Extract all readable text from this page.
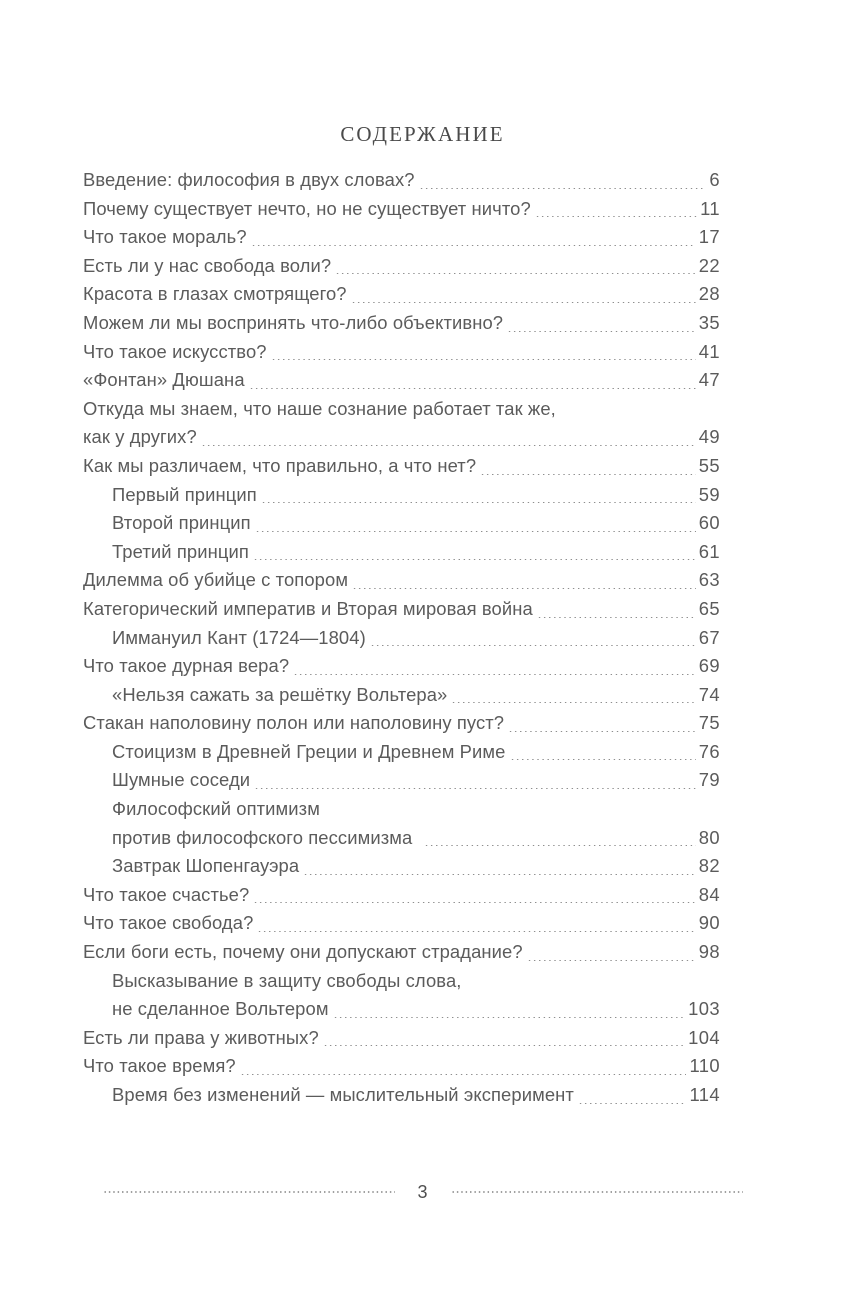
СОДЕРЖАНИЕ
Введение: философия в двух словах?	6
Почему существует нечто, но не существует ничто?	11
Что такое мораль?	17
Есть ли у нас свобода воли?	22
Красота в глазах смотрящего?	28
Можем ли мы воспринять что-либо объективно?	35
Что такое искусство?	41
«Фонтан» Дюшана	47
Откуда мы знаем, что наше сознание работает так же,
как у других?	49
Как мы различаем, что правильно, а что нет?	55
Первый принцип	59
Второй принцип	60
Третий принцип	61
Дилемма об убийце с топором	63
Категорический императив и Вторая мировая война	65
Иммануил Кант (1724—1804)	67
Что такое дурная вера?	69
«Нельзя сажать за решётку Вольтера»	74
Стакан наполовину полон или наполовину пуст?	75
Стоицизм в Древней Греции и Древнем Риме	76
Шумные соседи	79
Философский оптимизм
против философского пессимизма	80
Завтрак Шопенгауэра	82
Что такое счастье?	84
Что такое свобода?	90
Если боги есть, почему они допускают страдание?	98
Высказывание в защиту свободы слова,
не сделанное Вольтером	103
Есть ли права у животных?	104
Что такое время?	110
Время без изменений — мыслительный эксперимент	114
3
